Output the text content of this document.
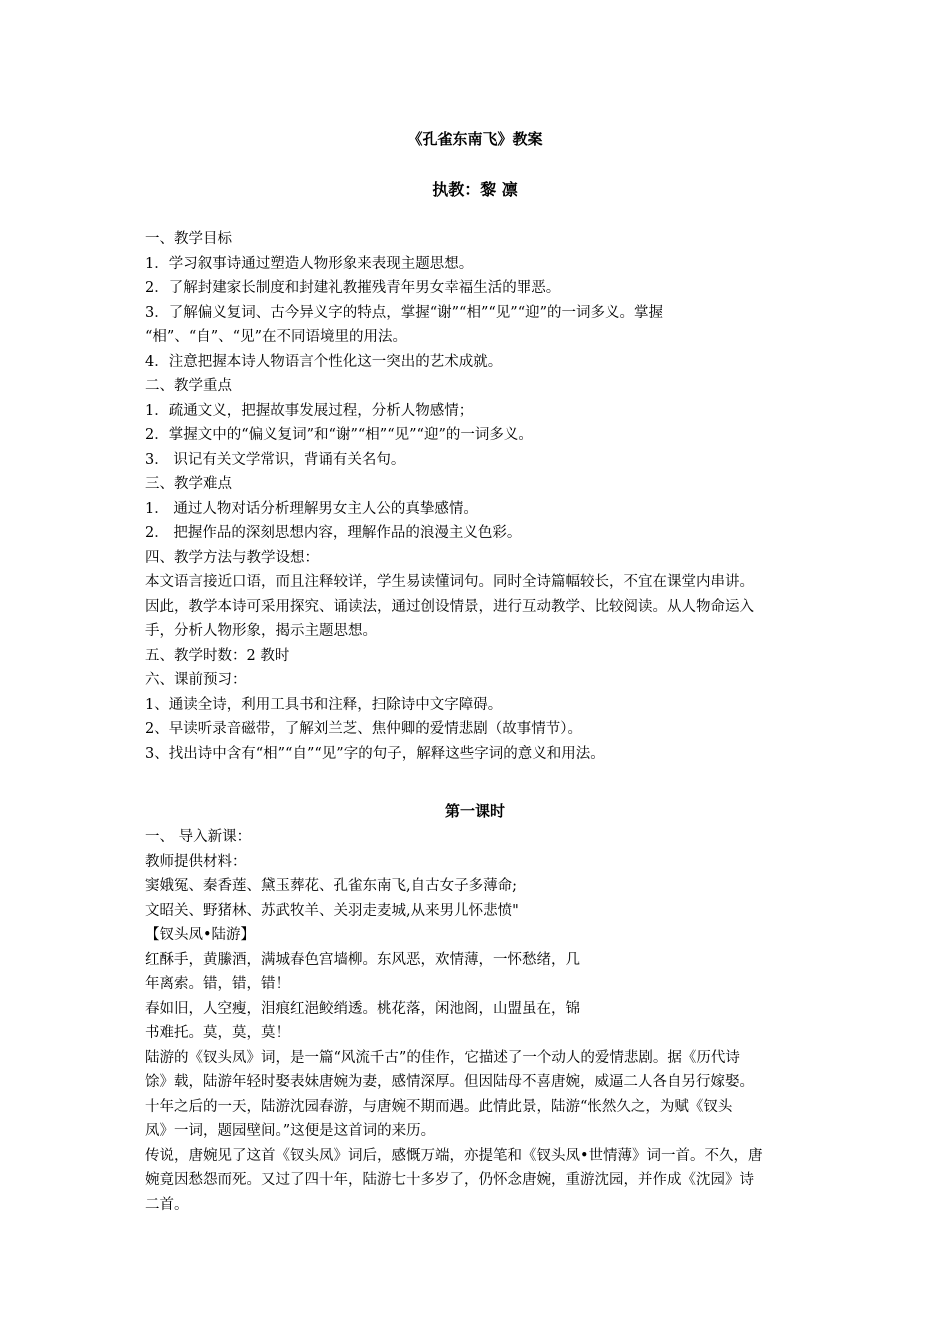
《孔雀东南飞》教案
执教：黎 凛
一、教学目标
1．学习叙事诗通过塑造人物形象来表现主题思想。
2．了解封建家长制度和封建礼教摧残青年男女幸福生活的罪恶。
3．了解偏义复词、古今异义字的特点，掌握“谢”“相”“见”“迎”的一词多义。掌握
“相”、“自”、“见”在不同语境里的用法。
4．注意把握本诗人物语言个性化这一突出的艺术成就。
二、教学重点
1．疏通文义，把握故事发展过程，分析人物感情；
2．掌握文中的“偏义复词”和“谢”“相”“见”“迎”的一词多义。
3． 识记有关文学常识，背诵有关名句。
三、教学难点
1． 通过人物对话分析理解男女主人公的真挚感情。
2． 把握作品的深刻思想内容，理解作品的浪漫主义色彩。
四、教学方法与教学设想：
本文语言接近口语，而且注释较详，学生易读懂词句。同时全诗篇幅较长，不宜在课堂内串讲。
因此，教学本诗可采用探究、诵读法，通过创设情景，进行互动教学、比较阅读。从人物命运入
手，分析人物形象，揭示主题思想。
五、教学时数：2 教时
六、课前预习：
1、通读全诗，利用工具书和注释，扫除诗中文字障碍。
2、早读听录音磁带，了解刘兰芝、焦仲卿的爱情悲剧（故事情节）。
3、找出诗中含有“相”“自”“见”字的句子，解释这些字词的意义和用法。
第一课时
一、 导入新课：
教师提供材料：
窦娥冤、秦香莲、黛玉葬花、孔雀东南飞,自古女子多薄命;
文昭关、野猪林、苏武牧羊、关羽走麦城,从来男儿怀悲愤"
【钗头凤•陆游】
红酥手，黄縢酒，满城春色宫墙柳。东风恶，欢情薄，一怀愁绪，几
年离索。错，错，错！
春如旧，人空瘦，泪痕红浥鲛绡透。桃花落，闲池阁，山盟虽在，锦
书难托。莫，莫，莫！
陆游的《钗头凤》词，是一篇“风流千古”的佳作，它描述了一个动人的爱情悲剧。据《历代诗
馀》载，陆游年轻时娶表妹唐婉为妻，感情深厚。但因陆母不喜唐婉，威逼二人各自另行嫁娶。
十年之后的一天，陆游沈园春游，与唐婉不期而遇。此情此景，陆游“怅然久之，为赋《钗头
凤》一词，题园壁间。”这便是这首词的来历。
传说，唐婉见了这首《钗头凤》词后，感慨万端，亦提笔和《钗头凤•世情薄》词一首。不久，唐
婉竟因愁怨而死。又过了四十年，陆游七十多岁了，仍怀念唐婉，重游沈园，并作成《沈园》诗
二首。
